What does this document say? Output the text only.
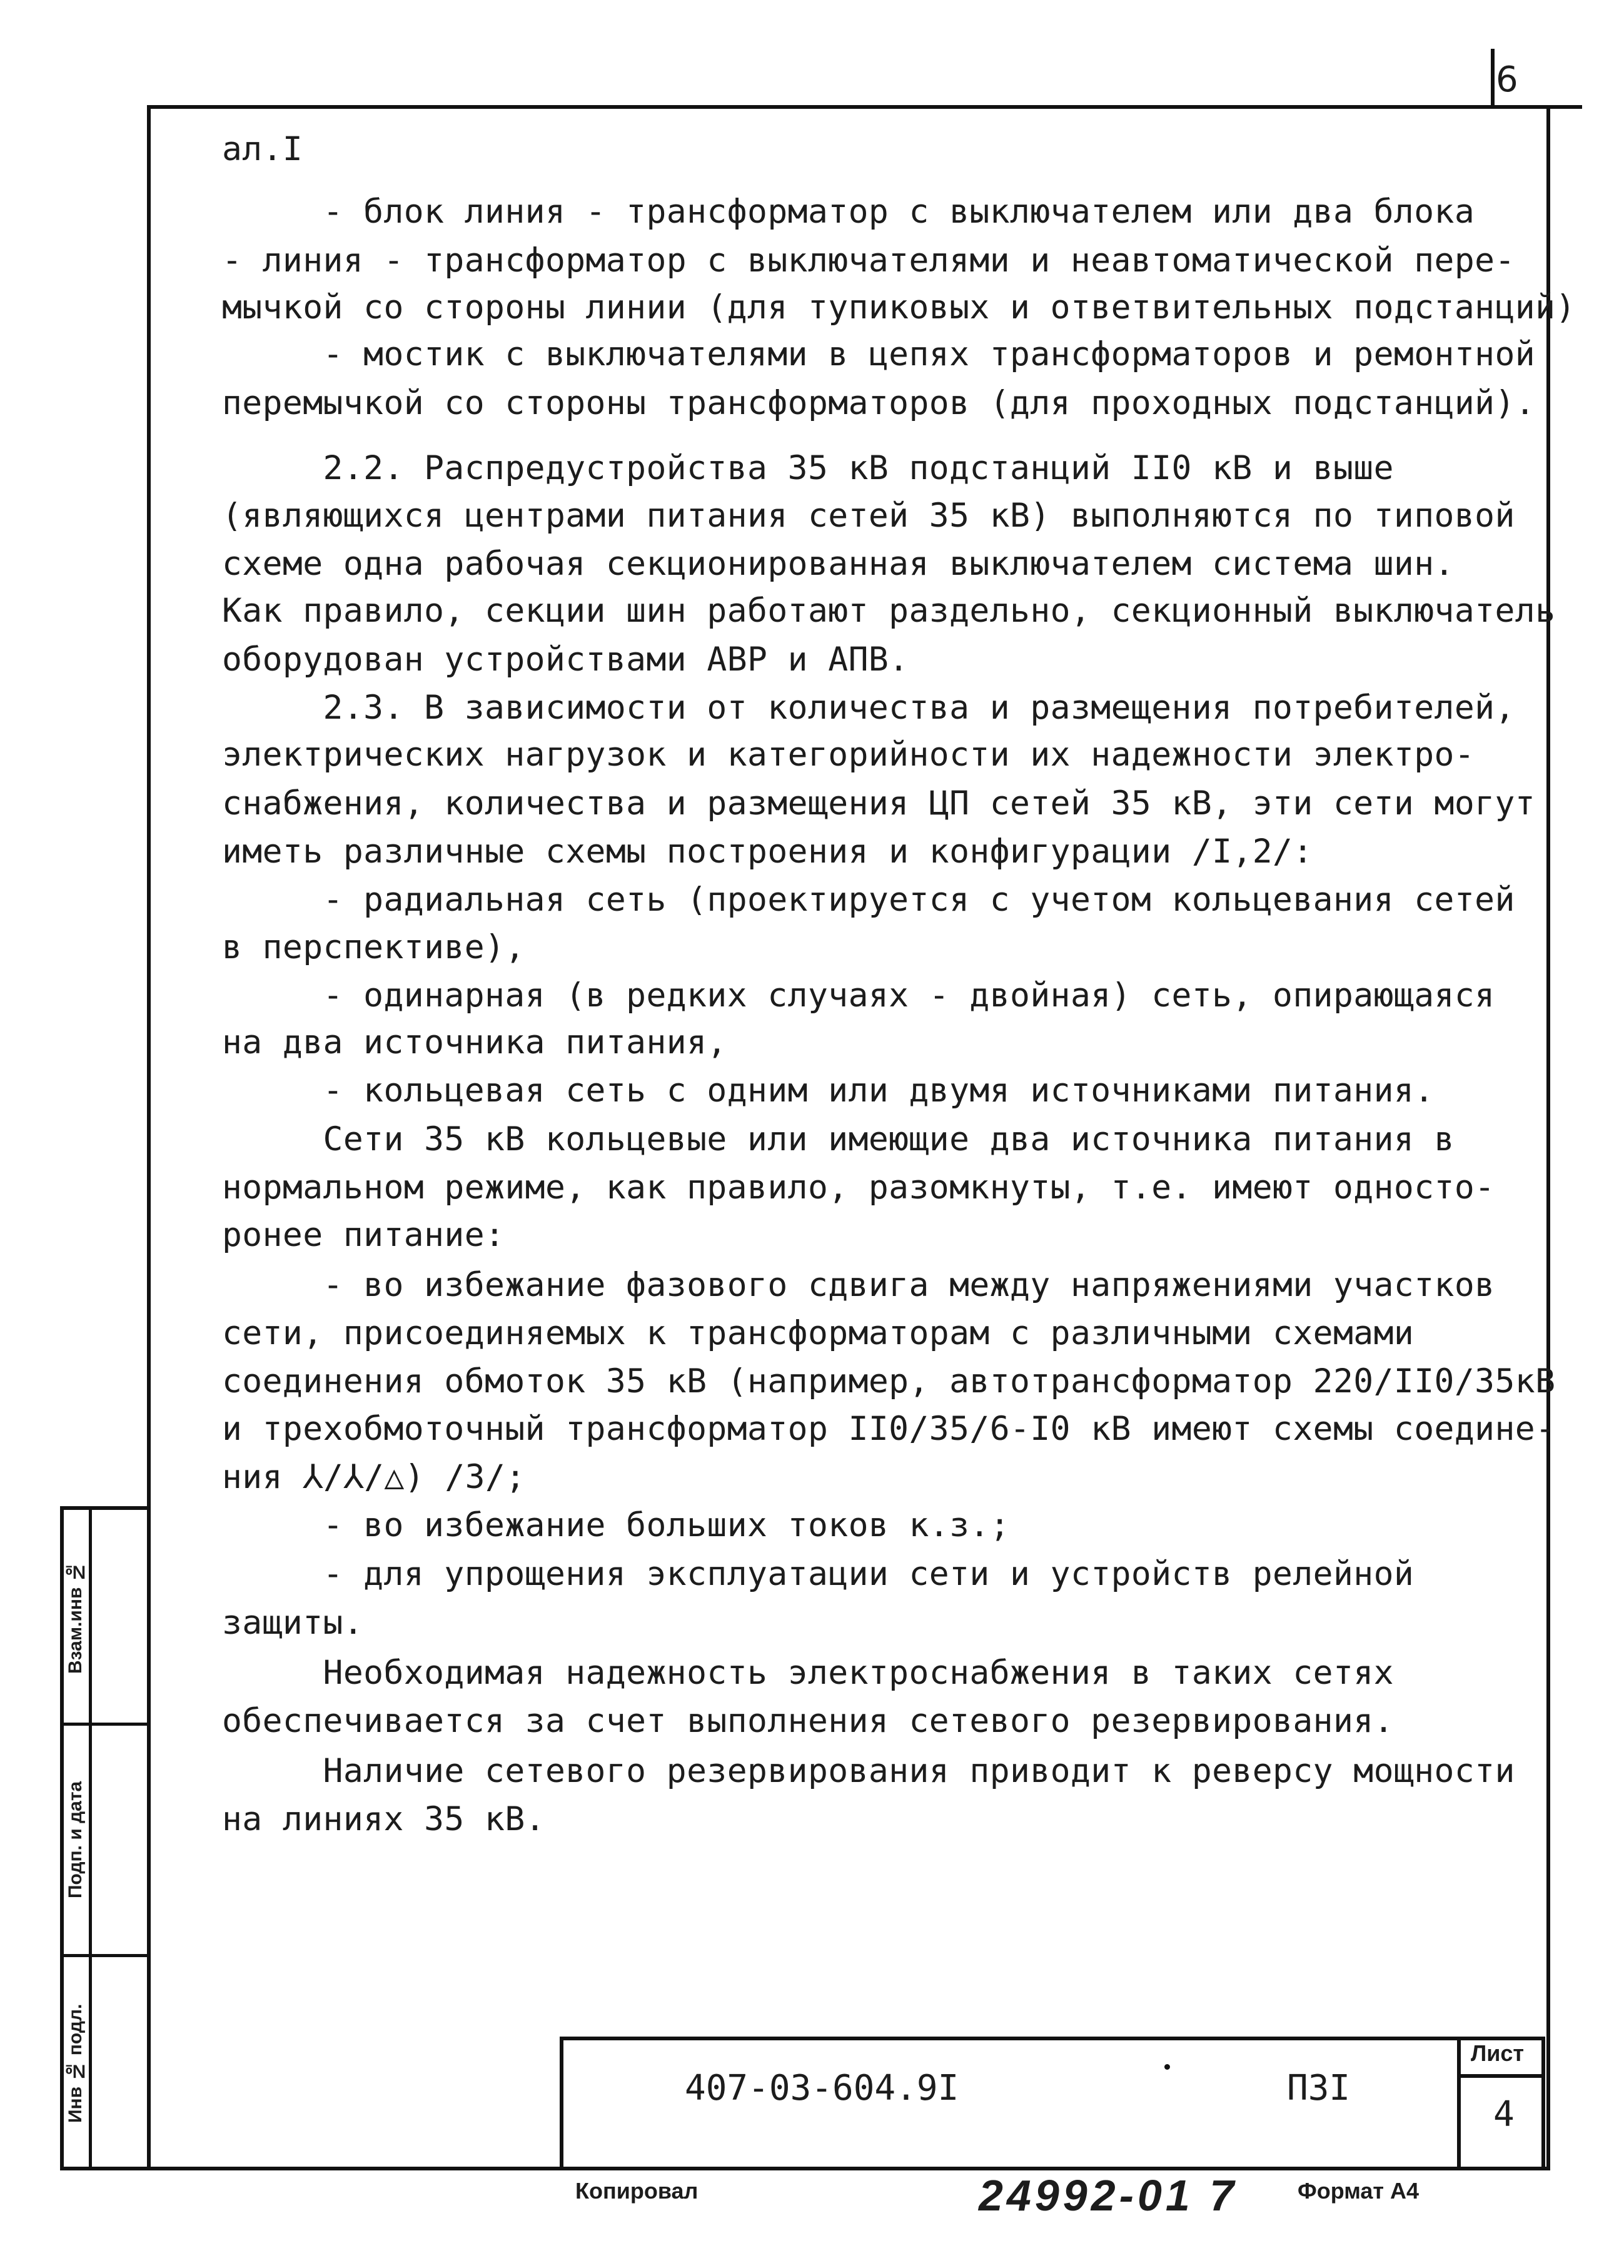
6
ал.I
- блок линия - трансформатор с выключателем или два блока
- линия - трансформатор с выключателями и неавтоматической пере-
мычкой со стороны линии (для тупиковых и ответвительных подстанций)
- мостик с выключателями в цепях трансформаторов и ремонтной
перемычкой со стороны трансформаторов (для проходных подстанций).
2.2. Распредустройства 35 кВ подстанций II0 кВ и выше
(являющихся центрами питания сетей 35 кВ) выполняются по типовой
схеме одна рабочая секционированная выключателем система шин.
Как правило, секции шин работают раздельно, секционный выключатель
оборудован устройствами АВР и АПВ.
2.3. В зависимости от количества и размещения потребителей,
электрических нагрузок и категорийности их надежности электро-
снабжения, количества и размещения ЦП сетей 35 кВ, эти сети могут
иметь различные схемы построения и конфигурации /I,2/:
- радиальная сеть (проектируется с учетом кольцевания сетей
в перспективе),
- одинарная (в редких случаях - двойная) сеть, опирающаяся
на два источника питания,
- кольцевая сеть с одним или двумя источниками питания.
Сети 35 кВ кольцевые или имеющие два источника питания в
нормальном режиме, как правило, разомкнуты, т.е. имеют односто-
ронее питание:
- во избежание фазового сдвига между напряжениями участков
сети, присоединяемых к трансформаторам с различными схемами
соединения обмоток 35 кВ (например, автотрансформатор 220/II0/35кВ
и трехобмоточный трансформатор II0/35/6-I0 кВ имеют схемы соедине-
ния ⅄/⅄/△) /3/;
- во избежание больших токов к.з.;
- для упрощения эксплуатации сети и устройств релейной
защиты.
Необходимая надежность электроснабжения в таких сетях
обеспечивается за счет выполнения сетевого резервирования.
Наличие сетевого резервирования приводит к реверсу мощности
на линиях 35 кВ.
Взам.инв №
Подп. и дата
Инв № подл.	407-03-604.9I	П3I
Лист
4
Копировал	24992-01 7	Формат А4
